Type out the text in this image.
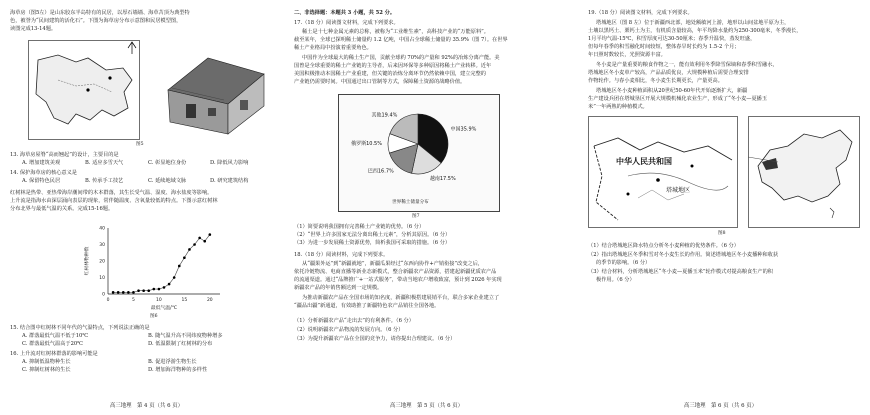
海草房（图5左）是山东胶东半岛特有的民居，以厚石墙墙、海草苫顶为典型特
色，被誉为“民间建筑的活化石”。下图为海草房分布示意图和民居模型图，
读图完成13-14题。
图5
13. 海草房屋脊“高而翘起”的设计，主要目的是
A. 增加建筑美观	B. 适应多雪天气	C. 彰显地位身份	D. 降低风力影响
14. 保护海草房的核心意义是
A. 保留特色民居	B. 传承手工技艺	C. 延续地域文脉	D. 研究建筑结构
红树林是热带、亚热带海岸潮间带的木本群落，其生长受气温、湿度、海水盐度等影响。
上升流是指海水由深层涌向表层的现象，常伴随温度、含氧量较低的特点。下图示意红树林
分布北界与最低气温的关系。完成15-16题。
0	5	10	15	20
0
10
20
30
40
最低气温/℃
红树林物种数
图6
15. 结合图中红树林不同年代的气温特点，下列说法正确的是
A. 群落最低气温不低于10℃	B. 随气温升高不同纬度物种增多
C. 群落最低气温高于20℃	D. 低温限制了红树林的分布
16. 上升流对红树林群落的影响可能是
A. 抑制低温物种生长	B. 促进浮游生物生长
C. 抑制红树林的生长	D. 增加海洋物种的多样性
高三地理　第 4 页（共 6 页）
二、非选择题：本题共 3 小题，共 52 分。
17.（18 分）阅读图文材料，完成下列要求。
稀土是十七种金属元素的总称，被称为“工业维生素”，高科技产业的“万能原料”。
截至某年，全球已探明稀土储量约 1.2 亿吨，中国占全球稀土储量的 35.9%（图 7）。在世界
稀土产业格局中扮演着重要角色。
中国作为全球最大的稀土生产国，贡献全球约 70%的产量和 92%的冶炼分离产能。美
国曾是全球重要的稀土产业链的主导者，后来因环保等多种原因将稀土产业转移。近年
美国积极推动本国稀土产业重建，但关键的冶炼分离环节仍然依赖中国，建立完整的
产业链仍需要时间。中国通过出口管制等方式，保障稀土资源的战略价值。
中国35.9%
越南17.5%
巴西16.7%
俄罗斯10.5%
其他19.4%
世界稀土储量分布
图7
（1）简要说明我国拥有完善稀土产业链的优势。（6 分）
（2）“世界上许多国家无法分离出稀土元素”，分析其原因。（6 分）
（3）为进一步发展稀土资源优势，简析我国可采取的措施。（6 分）
18.（18 分）阅读材料，完成下列要求。
从“疆果外运”到“新疆就地”，新疆瓜果经过“东西向协作+产销衔接”改变之后，
依托冷链物流、电商直播等新业态新模式，整合新疆农产品资源，搭建起新疆优质农产品
的流通渠道。通过“品牌推广+一站式服务”，带动当地农户增收致富，预计到 2026 年实现
新疆农产品的年销售额达到一定规模。
为推动新疆农产品在全国市场的知名度，新疆积极搭建展销平台，联合多家企业建立了
“疆品出疆”新通道，有效助推了新疆特色农产品销往全国各地。
（1）分析新疆农产品“走出去”的有利条件。（6 分）
（2）说明新疆农产品物流的发展方向。（6 分）
（3）为提升新疆农产品在全国的竞争力，请你提出合理建议。（6 分）
高三地理　第 5 页（共 6 页）
19.（18 分）阅读图文材料，完成下列要求。
塔城地区（图 8 左）位于新疆西北部，地处额敏河上游，地形以山间盆地平原为主，
土壤以黑钙土、栗钙土为主，有机质含量较高，年平均降水量约为250-300毫米，冬季漫长，
1月平均气温-15℃，积雪厚度可达30-50厘米；春季升温快，蒸发旺盛，
但每年春季的积雪融化时间较短，整体春旱时长约为 1.5-2 个月；
年日照时数较长，光照资源丰富。
冬小麦是产量重要的粮食作物之一，能有效利用冬季降雪保墒和春季积雪融水，
塔城地区冬小麦单产较高，产品品质优良，大规模种植后需要合理安排
作物轮作。与春小麦相比，冬小麦生长期更长，产量更高。
塔城地区冬小麦种植面积从20世纪50-60年代开始逐渐扩大，新疆
生产建设兵团在塔城垦区开展大规模机械化农业生产，形成了“冬小麦—夏播玉
米”一年两熟的种植模式。
中华人民共和国
塔城地区
图8
（1）结合塔城地区降水特点分析冬小麦种植的优势条件。（6 分）
（2）指出塔城地区冬季积雪对冬小麦生长的作用。简述塔城地区冬小麦播种和收获
的季节的影响。（6 分）
（3）结合材料，分析塔城地区“冬小麦—夏播玉米”轮作模式对提高粮食生产的积
极作用。（6 分）
高三地理　第 6 页（共 6 页）
